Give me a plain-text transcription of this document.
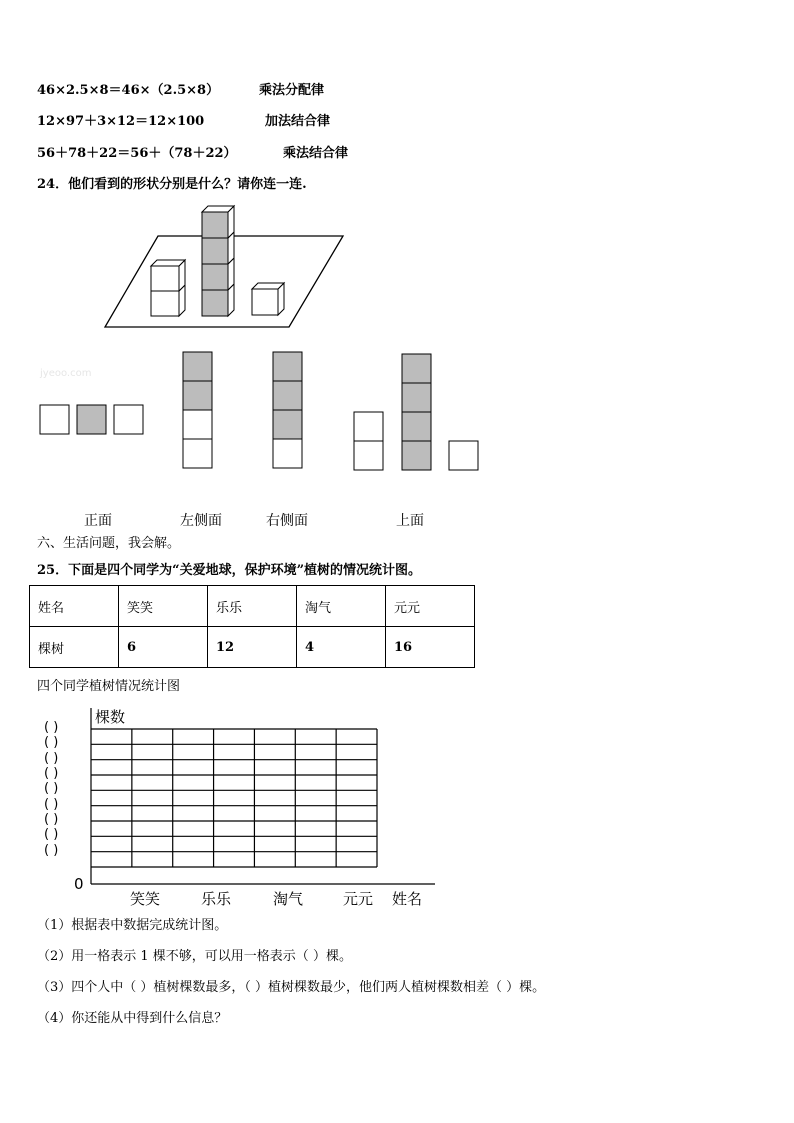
46×2.5×8＝46×（2.5×8）	乘法分配律
12×97＋3×12＝12×100	加法结合律
56＋78＋22＝56＋（78＋22）	乘法结合律
24．他们看到的形状分别是什么？请你连一连.
jyeoo.com
正面	左侧面	右侧面	上面
六、生活问题，我会解。
25．下面是四个同学为“关爱地球，保护环境”植树的情况统计图。
姓名	笑笑	乐乐	淘气	元元
棵树	6	12	4	16
四个同学植树情况统计图
棵数
姓名
0
( )
( )
( )
( )
( )
( )
( )
( )
( )
笑笑	乐乐	淘气	元元
（1）根据表中数据完成统计图。
（2）用一格表示 1 棵不够，可以用一格表示（ ）棵。
（3）四个人中（ ）植树棵数最多，（ ）植树棵数最少，他们两人植树棵数相差（ ）棵。
（4）你还能从中得到什么信息？
